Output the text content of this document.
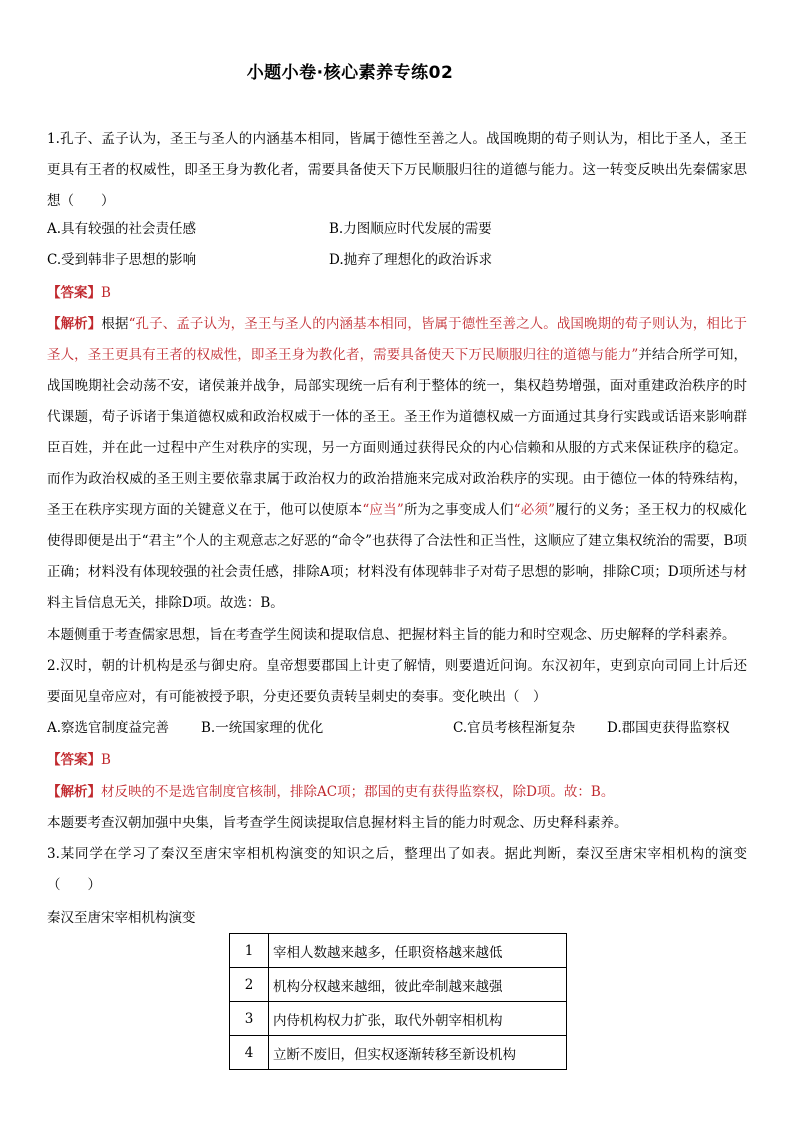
小题小卷·核心素养专练02
1.孔子、孟子认为，圣王与圣人的内涵基本相同，皆属于德性至善之人。战国晚期的荀子则认为，相比于圣人，圣王更具有王者的权威性，即圣王身为教化者，需要具备使天下万民顺服归往的道德与能力。这一转变反映出先秦儒家思想（　　）
A.具有较强的社会责任感	B.力图顺应时代发展的需要
C.受到韩非子思想的影响	D.抛弃了理想化的政治诉求
【答案】B
【解析】根据“孔子、孟子认为，圣王与圣人的内涵基本相同，皆属于德性至善之人。战国晚期的荀子则认为，相比于圣人，圣王更具有王者的权威性，即圣王身为教化者，需要具备使天下万民顺服归往的道德与能力”并结合所学可知，战国晚期社会动荡不安，诸侯兼并战争，局部实现统一后有利于整体的统一，集权趋势增强，面对重建政治秩序的时代课题，荀子诉诸于集道德权威和政治权威于一体的圣王。圣王作为道德权威一方面通过其身行实践或话语来影响群臣百姓，并在此一过程中产生对秩序的实现，另一方面则通过获得民众的内心信赖和从服的方式来保证秩序的稳定。而作为政治权威的圣王则主要依靠隶属于政治权力的政治措施来完成对政治秩序的实现。由于德位一体的特殊结构，圣王在秩序实现方面的关键意义在于，他可以使原本“应当”所为之事变成人们“必须”履行的义务；圣王权力的权威化使得即便是出于“君主”个人的主观意志之好恶的“命令”也获得了合法性和正当性，这顺应了建立集权统治的需要，B项正确；材料没有体现较强的社会责任感，排除A项；材料没有体现韩非子对荀子思想的影响，排除C项；D项所述与材料主旨信息无关，排除D项。故选：B。
本题侧重于考查儒家思想，旨在考查学生阅读和提取信息、把握材料主旨的能力和时空观念、历史解释的学科素养。
2.汉时，朝的计机构是丞与御史府。皇帝想要郡国上计吏了解情，则要遣近问询。东汉初年，吏到京向司同上计后还要面见皇帝应对，有可能被授予职，分吏还要负责转呈刺史的奏事。变化映出（　）
A.察选官制度益完善 B.一统国家理的优化	C.官员考核程渐复杂 D.郡国吏获得监察权
【答案】B
【解析】材反映的不是选官制度官核制，排除AC项；郡国的吏有获得监察权，除D项。故：B。
本题要考查汉朝加强中央集，旨考查学生阅读提取信息握材料主旨的能力时观念、历史释科素养。
3.某同学在学习了秦汉至唐宋宰相机构演变的知识之后，整理出了如表。据此判断，秦汉至唐宋宰相机构的演变（　　）
秦汉至唐宋宰相机构演变
1	宰相人数越来越多，任职资格越来越低
2	机构分权越来越细，彼此牵制越来越强
3	内侍机构权力扩张，取代外朝宰相机构
4	立断不废旧，但实权逐渐转移至新设机构
